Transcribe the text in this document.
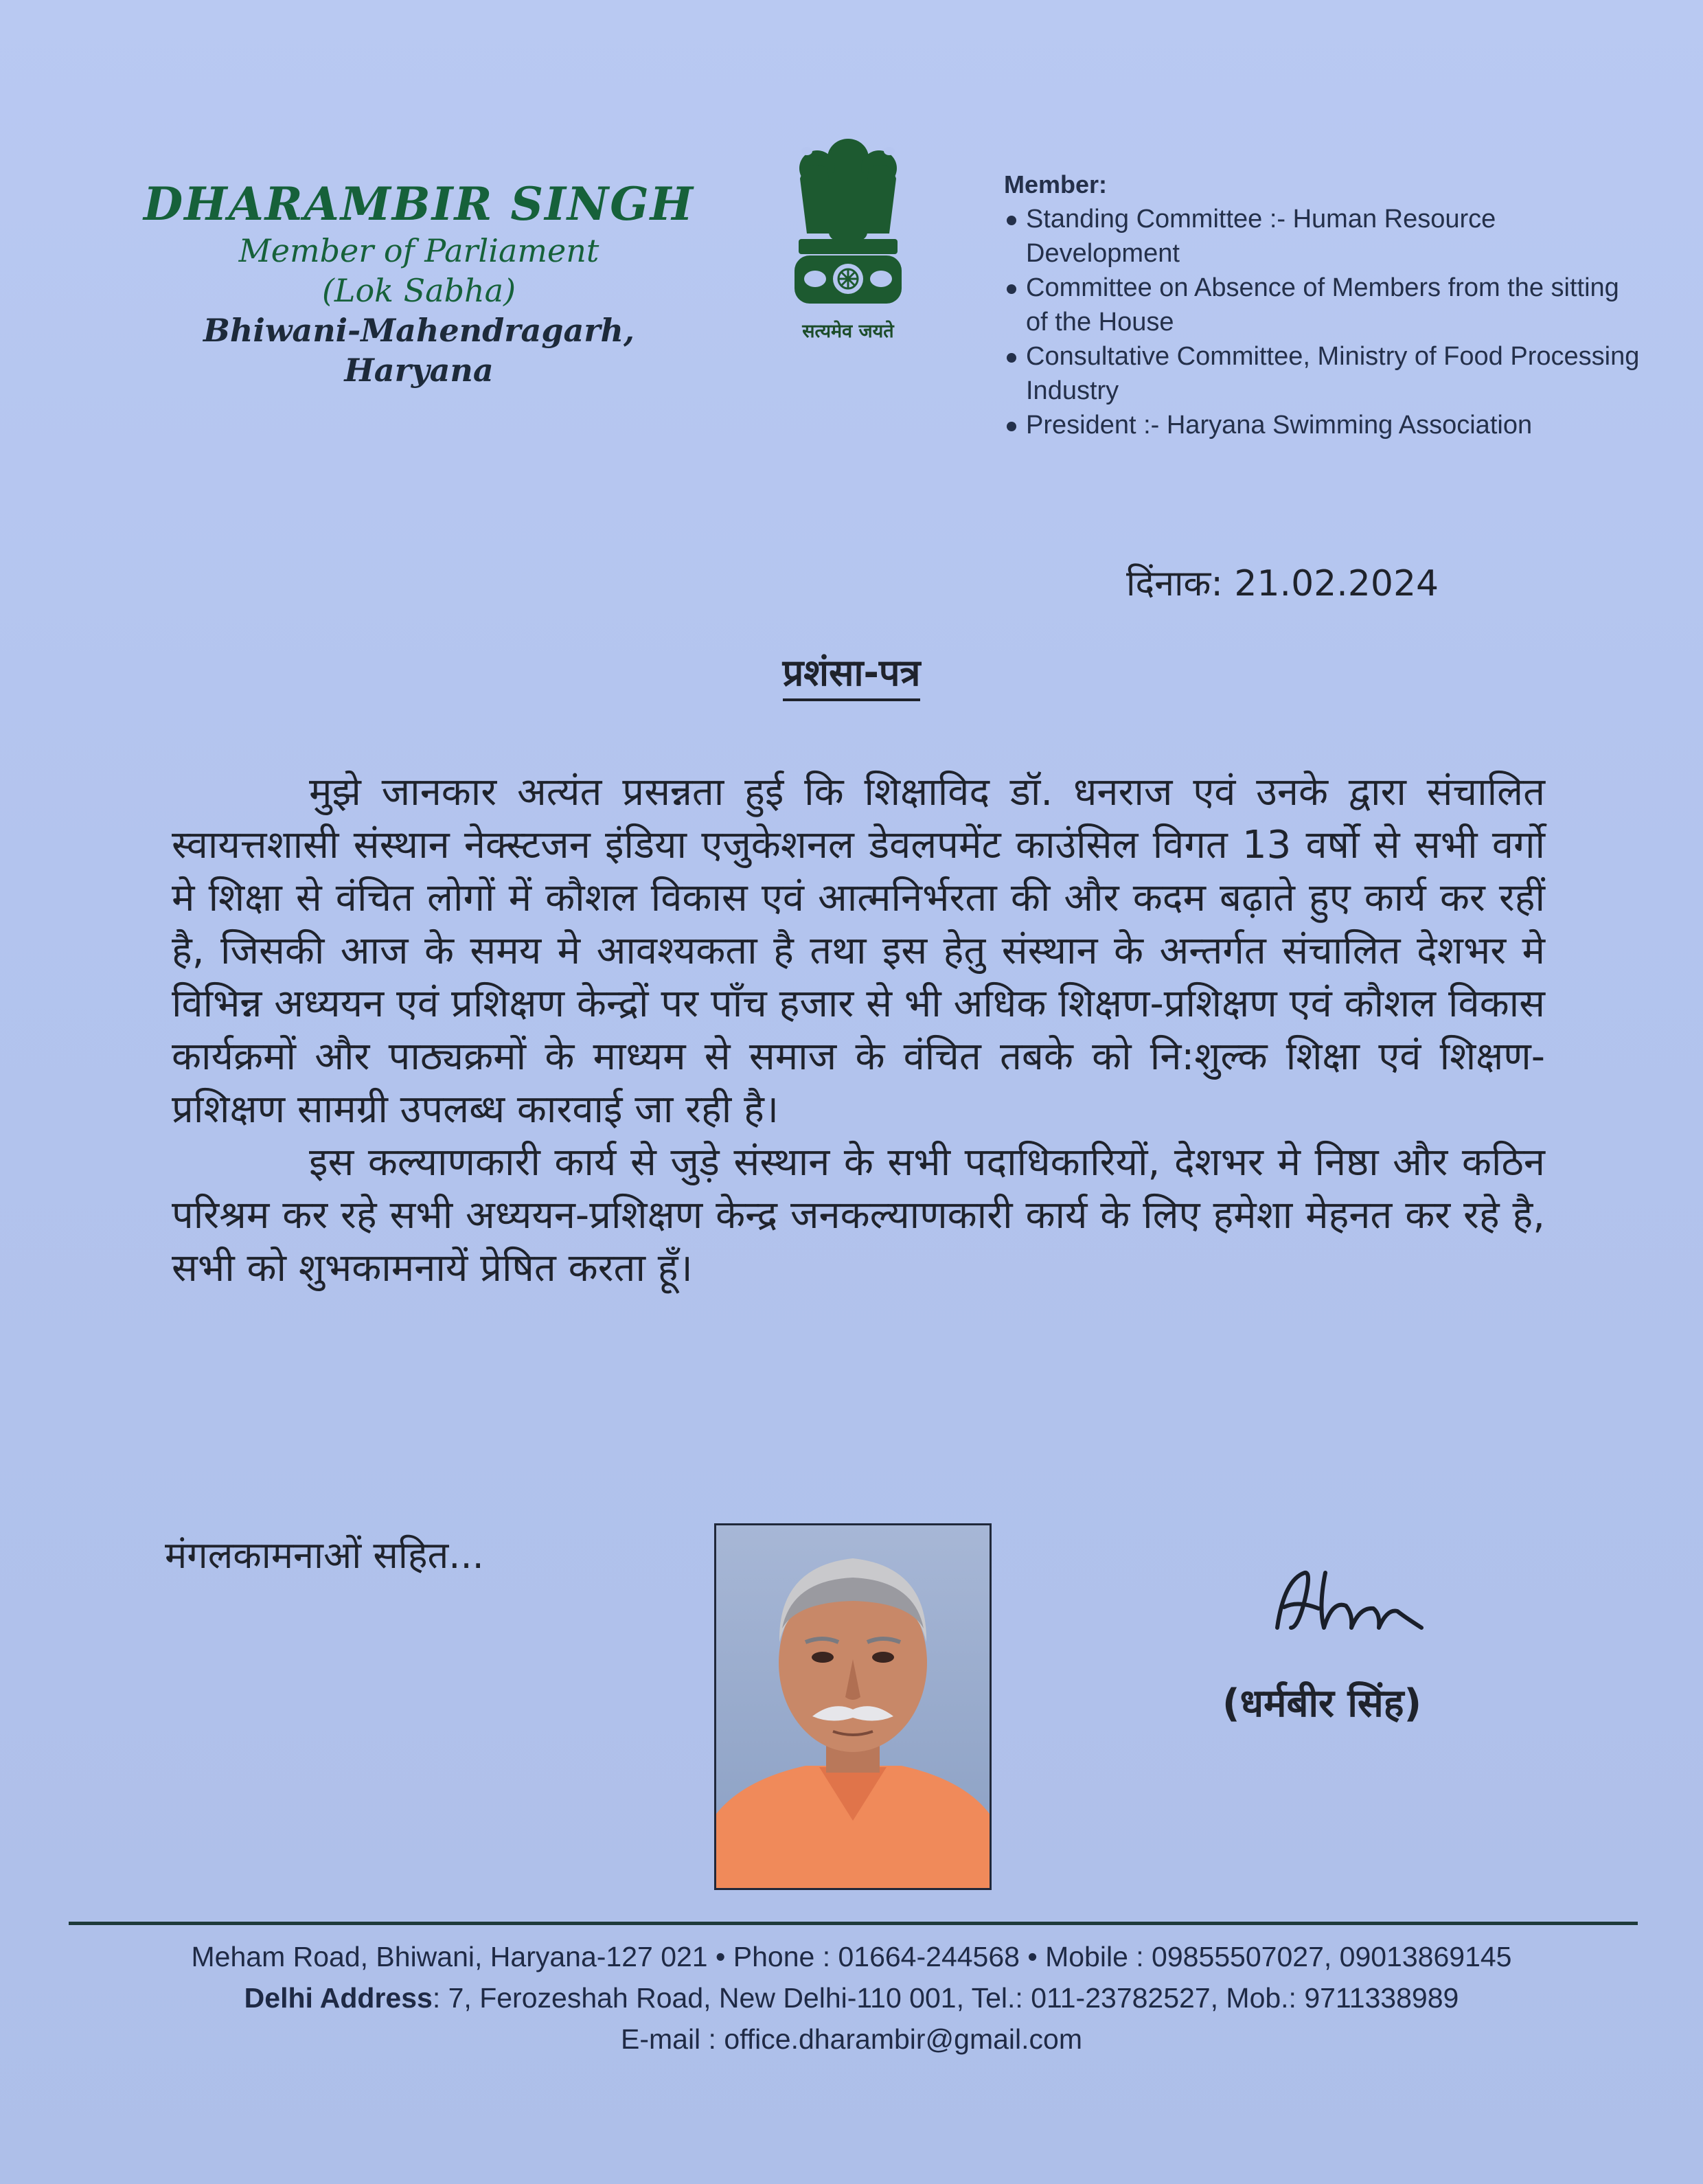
DHARAMBIR SINGH
Member of Parliament
(Lok Sabha)
Bhiwani-Mahendragarh, Haryana
सत्यमेव जयते
Member:
Standing Committee :- Human Resource Development
Committee on Absence of Members from the sitting of the House
Consultative Committee, Ministry of Food Processing Industry
President :- Haryana Swimming Association
दिंनाक: 21.02.2024
प्रशंसा-पत्र

मुझे जानकार अत्यंत प्रसन्नता हुई कि शिक्षाविद डॉ. धनराज एवं उनके द्वारा संचालित स्वायत्तशासी संस्थान नेक्स्टजन इंडिया एजुकेशनल डेवलपमेंट काउंसिल विगत 13 वर्षो से सभी वर्गो मे शिक्षा से वंचित लोगों में कौशल विकास एवं आत्मनिर्भरता की और कदम बढ़ाते हुए कार्य कर रहीं है, जिसकी आज के समय मे आवश्यकता है तथा इस हेतु संस्थान के अन्तर्गत संचालित देशभर मे विभिन्न अध्ययन एवं प्रशिक्षण केन्द्रों पर पाँच हजार से भी अधिक शिक्षण-प्रशिक्षण एवं कौशल विकास कार्यक्रमों और पाठ्यक्रमों के माध्यम से समाज के वंचित तबके को नि:शुल्क शिक्षा एवं शिक्षण-प्रशिक्षण सामग्री उपलब्ध कारवाई जा रही है।

इस कल्याणकारी कार्य से जुड़े संस्थान के सभी पदाधिकारियों, देशभर मे निष्ठा और कठिन परिश्रम कर रहे सभी अध्ययन-प्रशिक्षण केन्द्र जनकल्याणकारी कार्य के लिए हमेशा मेहनत कर रहे है, सभी को शुभकामनायें प्रेषित करता हूँ।

मंगलकामनाओं सहित...
(धर्मबीर सिंह)
Meham Road, Bhiwani, Haryana-127 021 • Phone : 01664-244568 • Mobile : 09855507027, 09013869145
Delhi Address: 7, Ferozeshah Road, New Delhi-110 001, Tel.: 011-23782527, Mob.: 9711338989
E-mail : office.dharambir@gmail.com
